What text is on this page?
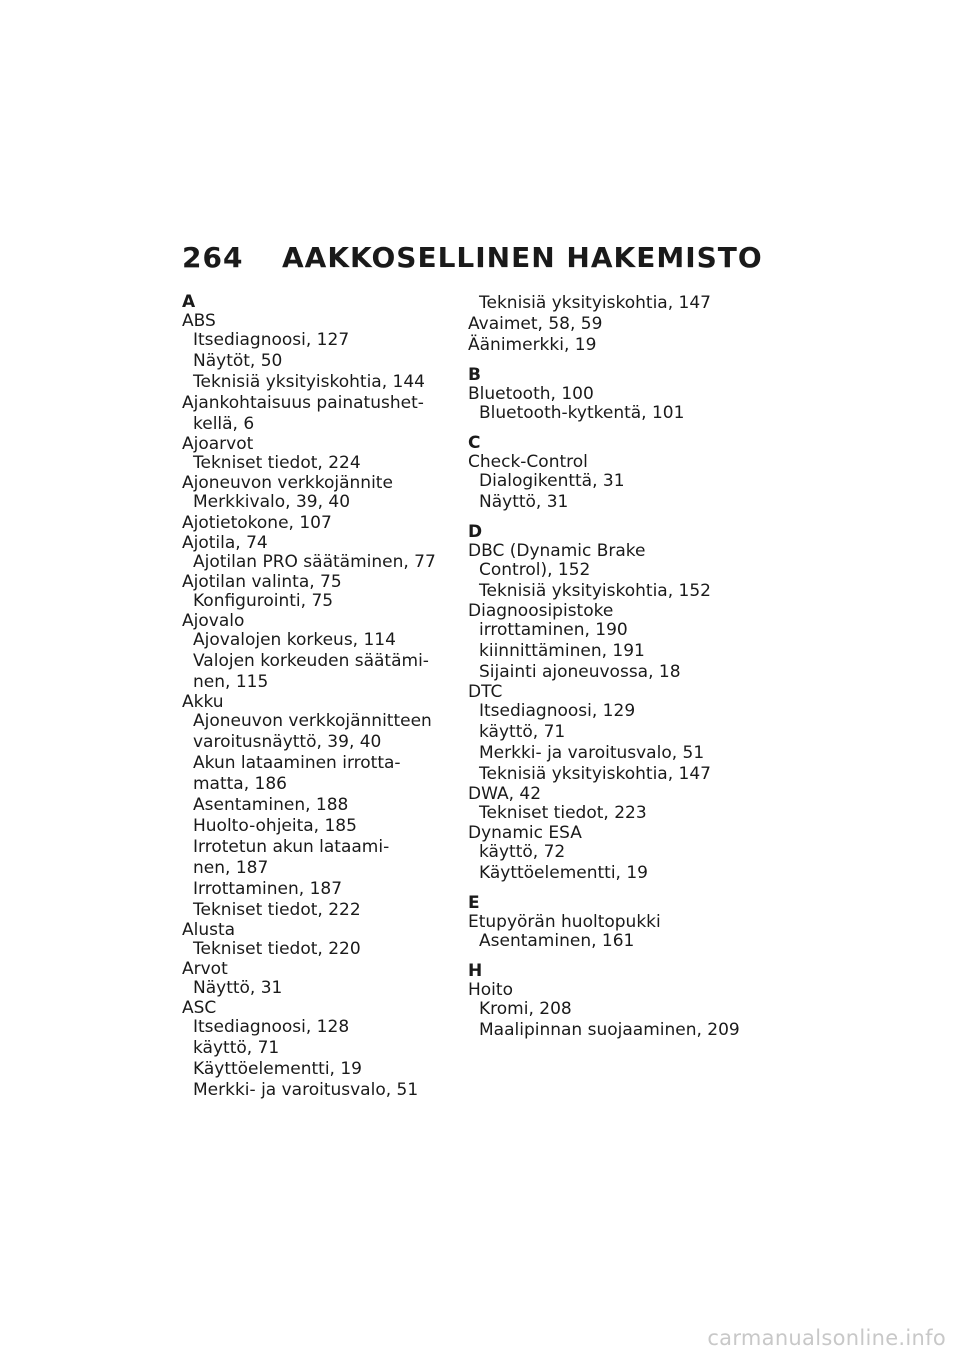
264 AAKKOSELLINEN HAKEMISTO
A
ABS
Itsediagnoosi, 127
Näytöt, 50
Teknisiä yksityiskohtia, 144
Ajankohtaisuus painatushet-
kellä, 6
Ajoarvot
Tekniset tiedot, 224
Ajoneuvon verkkojännite
Merkkivalo, 39, 40
Ajotietokone, 107
Ajotila, 74
Ajotilan PRO säätäminen, 77
Ajotilan valinta, 75
Konfigurointi, 75
Ajovalo
Ajovalojen korkeus, 114
Valojen korkeuden säätämi-
nen, 115
Akku
Ajoneuvon verkkojännitteen
varoitusnäyttö, 39, 40
Akun lataaminen irrotta-
matta, 186
Asentaminen, 188
Huolto-ohjeita, 185
Irrotetun akun lataami-
nen, 187
Irrottaminen, 187
Tekniset tiedot, 222
Alusta
Tekniset tiedot, 220
Arvot
Näyttö, 31
ASC
Itsediagnoosi, 128
käyttö, 71
Käyttöelementti, 19
Merkki- ja varoitusvalo, 51
Teknisiä yksityiskohtia, 147
Avaimet, 58, 59
Äänimerkki, 19
B
Bluetooth, 100
Bluetooth-kytkentä, 101
C
Check-Control
Dialogikenttä, 31
Näyttö, 31
D
DBC (Dynamic Brake
Control), 152
Teknisiä yksityiskohtia, 152
Diagnoosipistoke
irrottaminen, 190
kiinnittäminen, 191
Sijainti ajoneuvossa, 18
DTC
Itsediagnoosi, 129
käyttö, 71
Merkki- ja varoitusvalo, 51
Teknisiä yksityiskohtia, 147
DWA, 42
Tekniset tiedot, 223
Dynamic ESA
käyttö, 72
Käyttöelementti, 19
E
Etupyörän huoltopukki
Asentaminen, 161
H
Hoito
Kromi, 208
Maalipinnan suojaaminen, 209
carmanualsonline.info
